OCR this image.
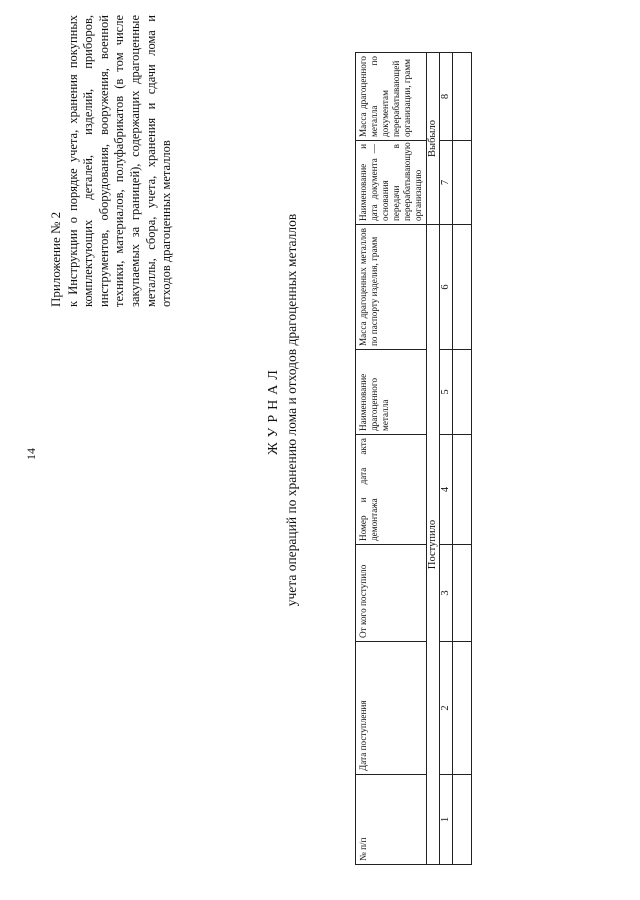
14
Приложение № 2 к Инструкции о порядке учета, хранения покупных комплектующих деталей, изделий, приборов, инструментов, оборудования, вооружения, военной техники, материалов, полуфабрикатов (в том числе закупаемых за границей), содержащих драгоценные металлы, сбора, учета, хранения и сдачи лома и отходов драгоценных металлов
ЖУРНАЛ учета операций по хранению лома и отходов драгоценных металлов
№ п/п	Дата поступления	От кого поступило	Номер и дата акта демонтажа	Наименование драгоценного металла	Масса драгоценных металлов по паспорту изделия, грамм	Наименование и дата документа — основания передачи в перерабатывающую организацию	Масса драгоценного металла по документам перерабатывающей организации, грамм
Поступило						Выбыло	
1	2	3	4	5	6	7	8
